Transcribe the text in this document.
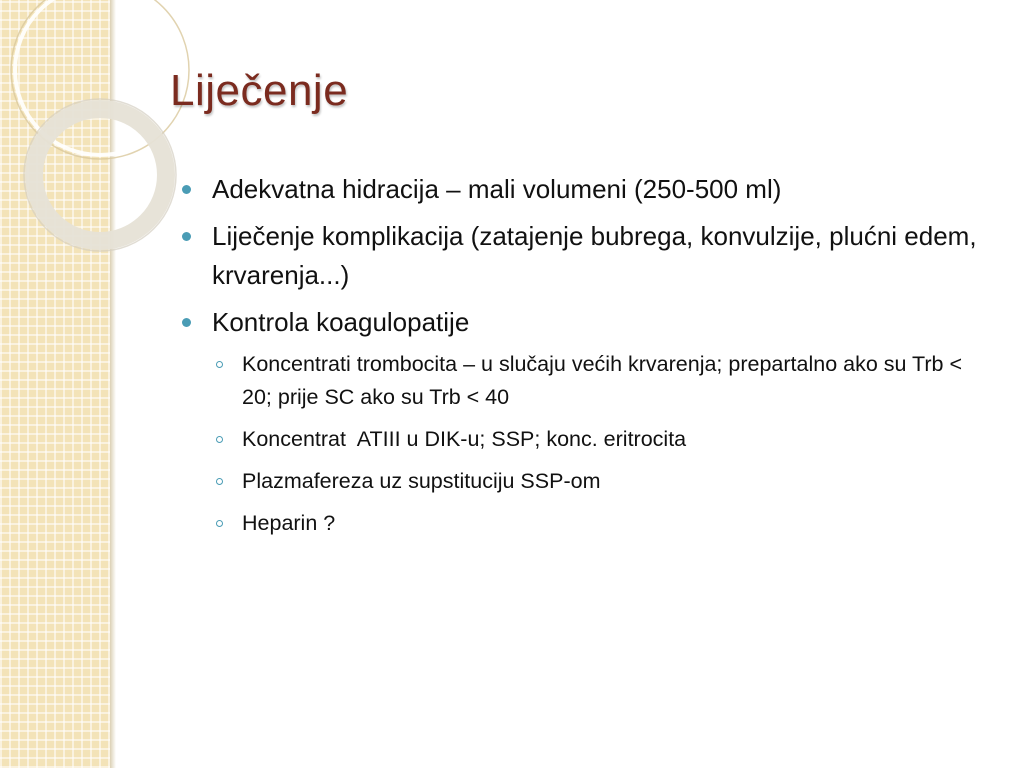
Liječenje
Adekvatna hidracija – mali volumeni (250-500 ml)
Liječenje komplikacija (zatajenje bubrega, konvulzije, plućni edem, krvarenja...)
Kontrola koagulopatije
Koncentrati trombocita – u slučaju većih krvarenja; prepartalno ako su Trb < 20; prije SC ako su Trb < 40
Koncentrat  ATIII u DIK-u; SSP; konc. eritrocita
Plazmafereza uz supstituciju SSP-om
Heparin ?
